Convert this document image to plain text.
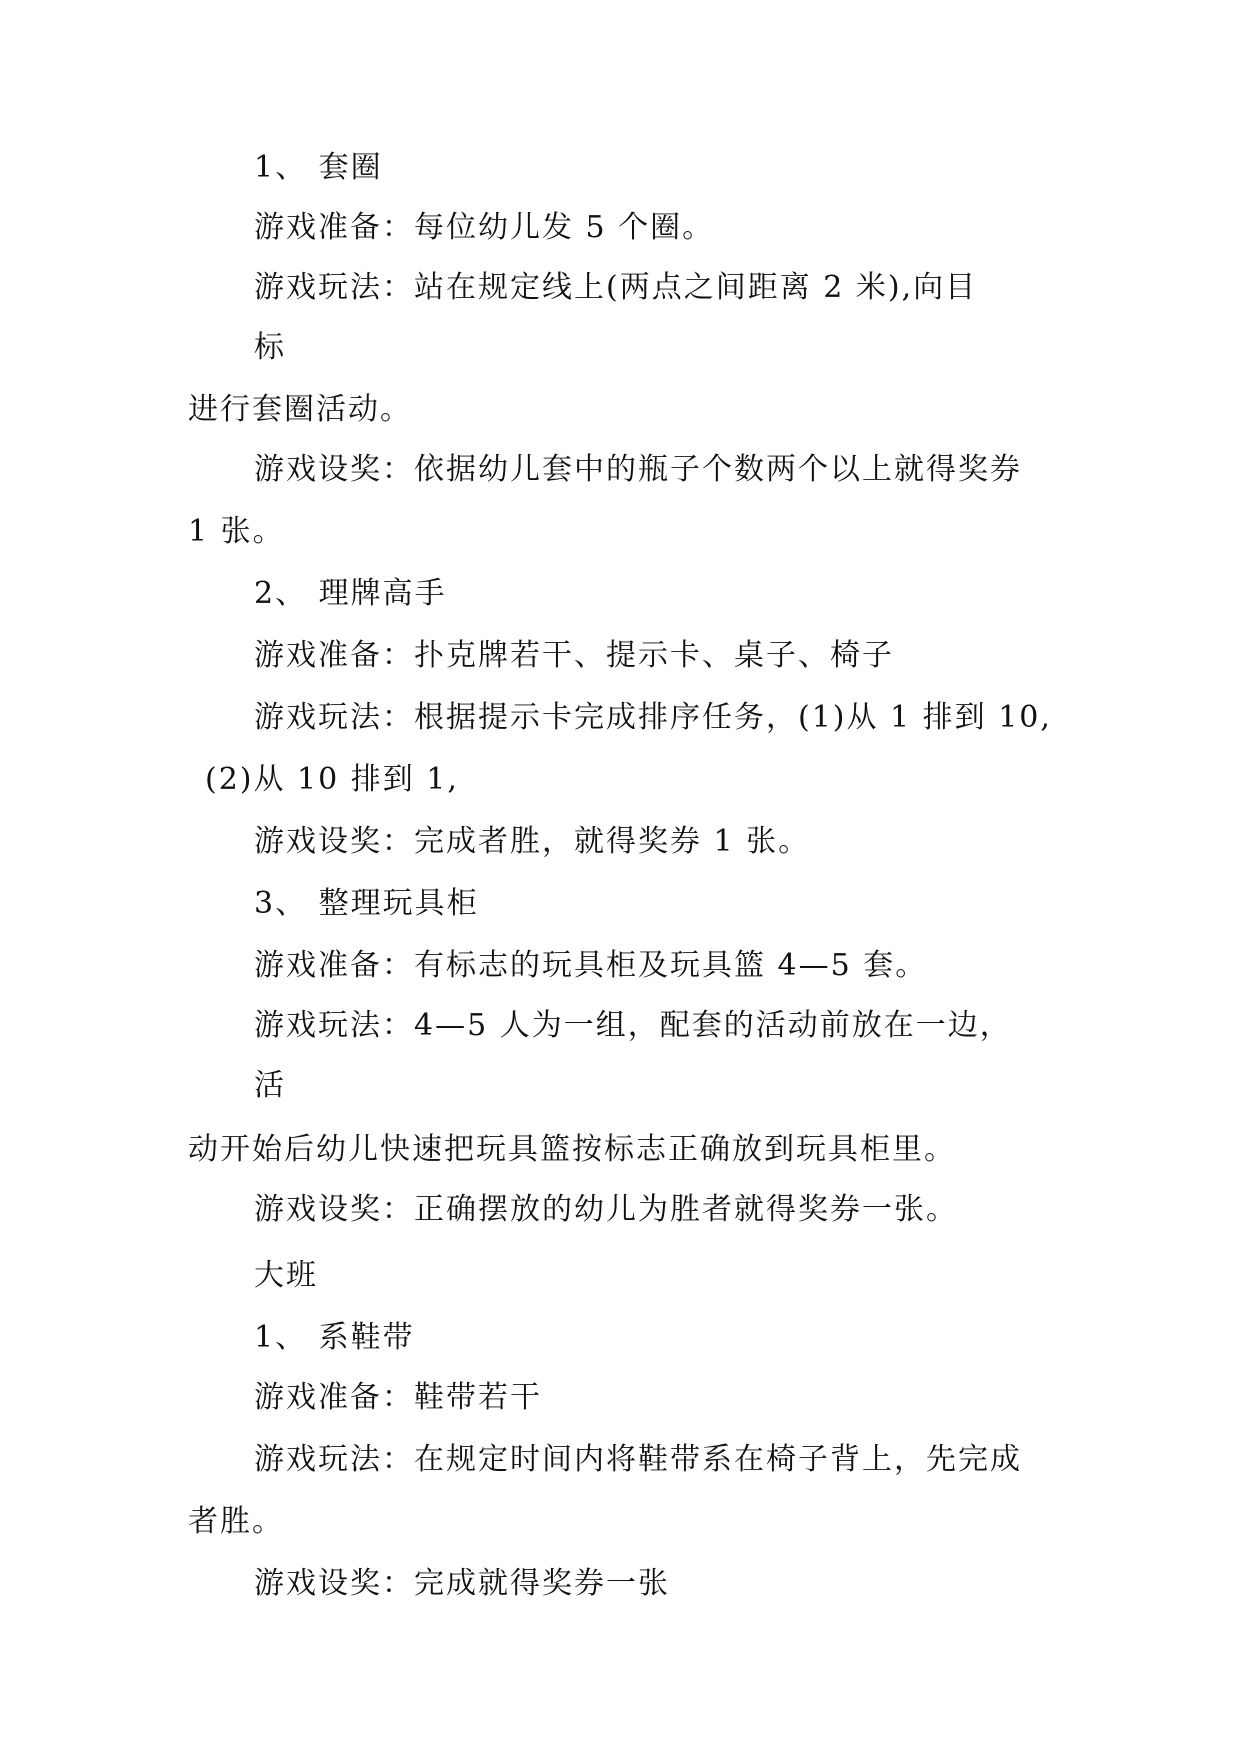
1、 套圈
游戏准备：每位幼儿发 5 个圈。
游戏玩法：站在规定线上(两点之间距离 2 米),向目
标
进行套圈活动。
游戏设奖：依据幼儿套中的瓶子个数两个以上就得奖券
1 张。
2、 理牌高手
游戏准备：扑克牌若干、提示卡、桌子、椅子
游戏玩法：根据提示卡完成排序任务，(1)从 1 排到 10,
(2)从 10 排到 1,
游戏设奖：完成者胜，就得奖券 1 张。
3、 整理玩具柜
游戏准备：有标志的玩具柜及玩具篮 4—5 套。
游戏玩法：4—5 人为一组，配套的活动前放在一边，
活
动开始后幼儿快速把玩具篮按标志正确放到玩具柜里。
游戏设奖：正确摆放的幼儿为胜者就得奖券一张。
大班
1、 系鞋带
游戏准备：鞋带若干
游戏玩法：在规定时间内将鞋带系在椅子背上，先完成
者胜。
游戏设奖：完成就得奖券一张
